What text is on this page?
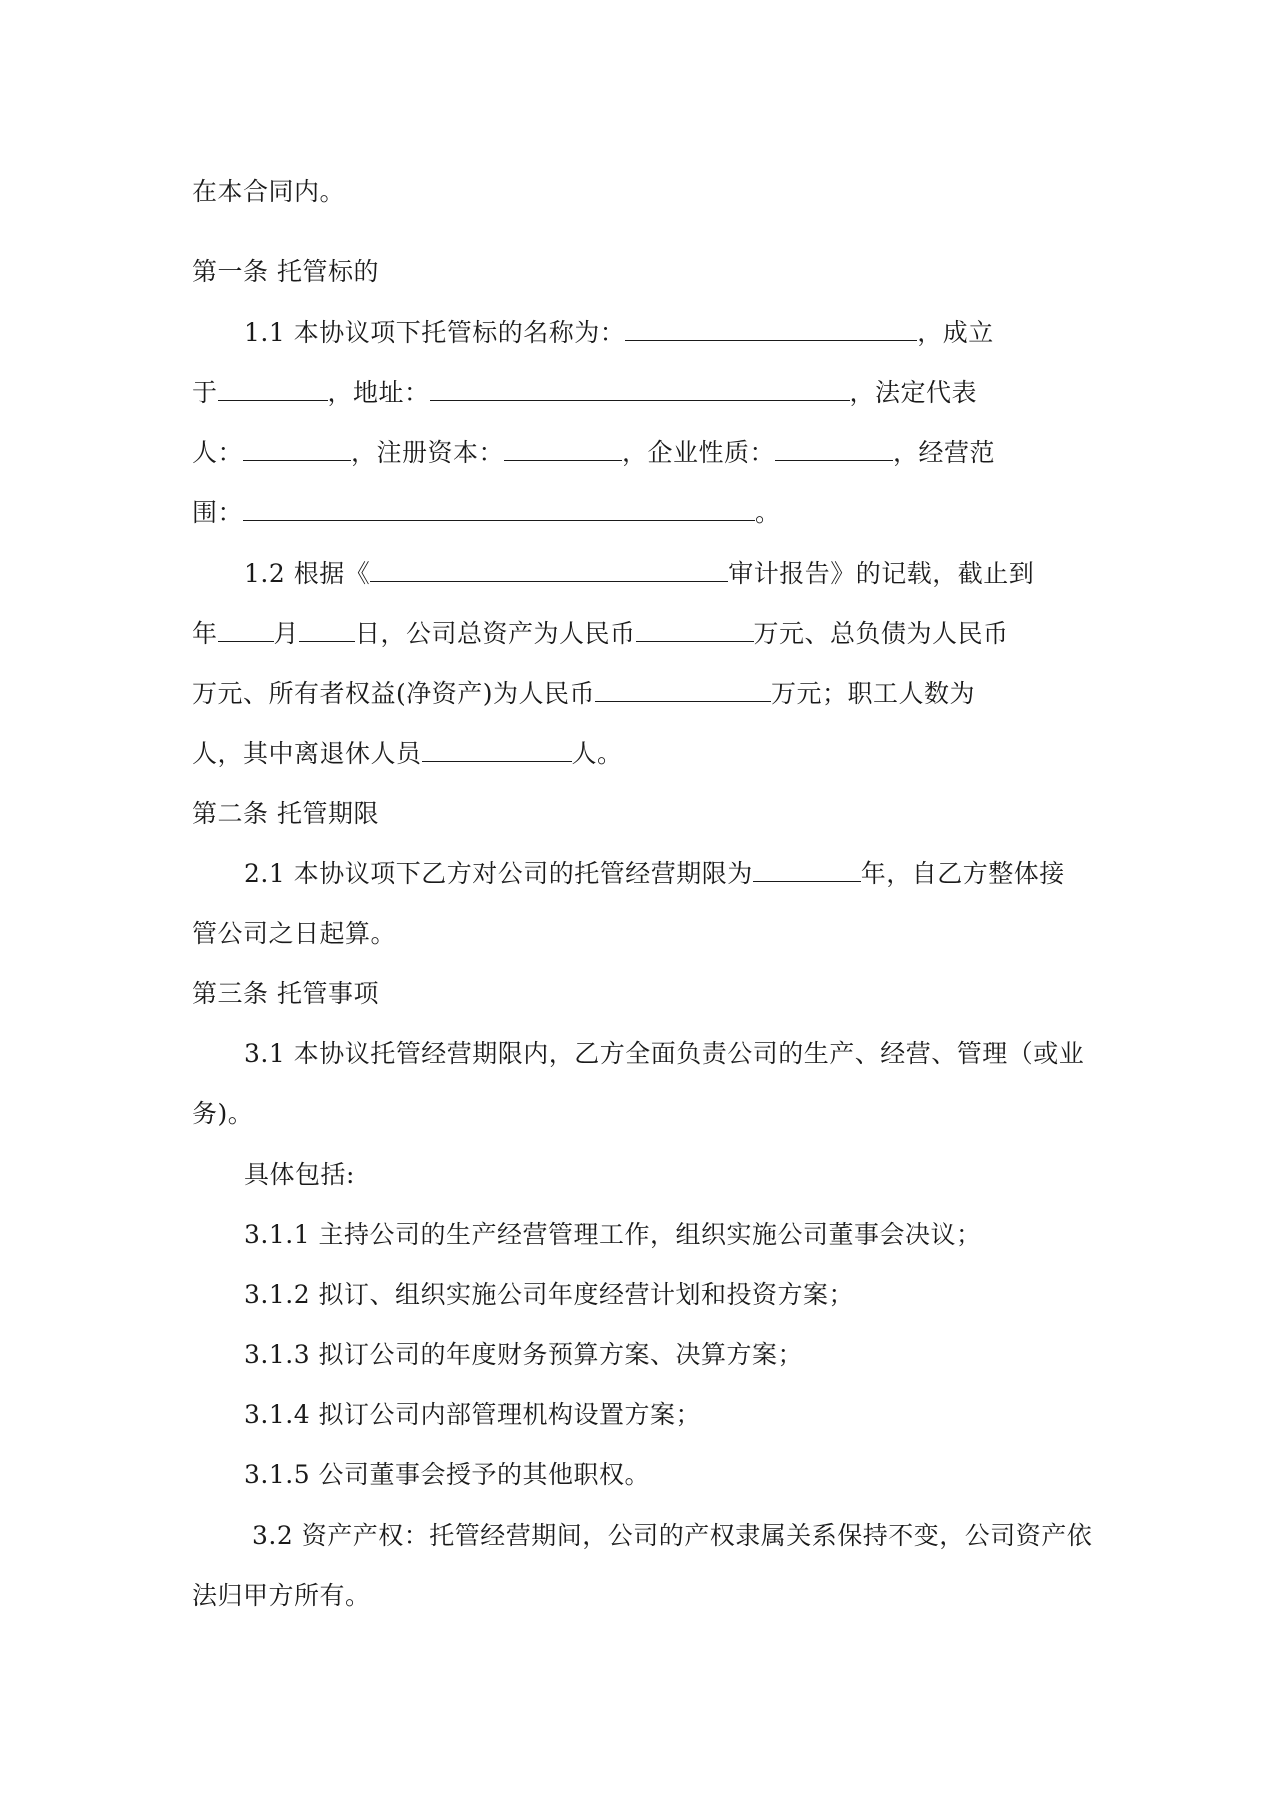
在本合同内。
第一条 托管标的
1.1 本协议项下托管标的名称为：	，成立
于	，地址：	，法定代表
人：	，注册资本：	，企业性质：	，经营范
围：	。
1.2 根据《	审计报告》的记载，截止到
年 月 日，公司总资产为人民币	万元、总负债为人民币
万元、所有者权益(净资产)为人民币	万元；职工人数为
人，其中离退休人员	人。
第二条 托管期限
2.1 本协议项下乙方对公司的托管经营期限为	年，自乙方整体接
管公司之日起算。
第三条 托管事项
3.1 本协议托管经营期限内，乙方全面负责公司的生产、经营、管理（或业
务)。
具体包括:
3.1.1 主持公司的生产经营管理工作，组织实施公司董事会决议；
3.1.2 拟订、组织实施公司年度经营计划和投资方案；
3.1.3 拟订公司的年度财务预算方案、决算方案；
3.1.4 拟订公司内部管理机构设置方案；
3.1.5 公司董事会授予的其他职权。
3.2 资产产权：托管经营期间，公司的产权隶属关系保持不变，公司资产依
法归甲方所有。
